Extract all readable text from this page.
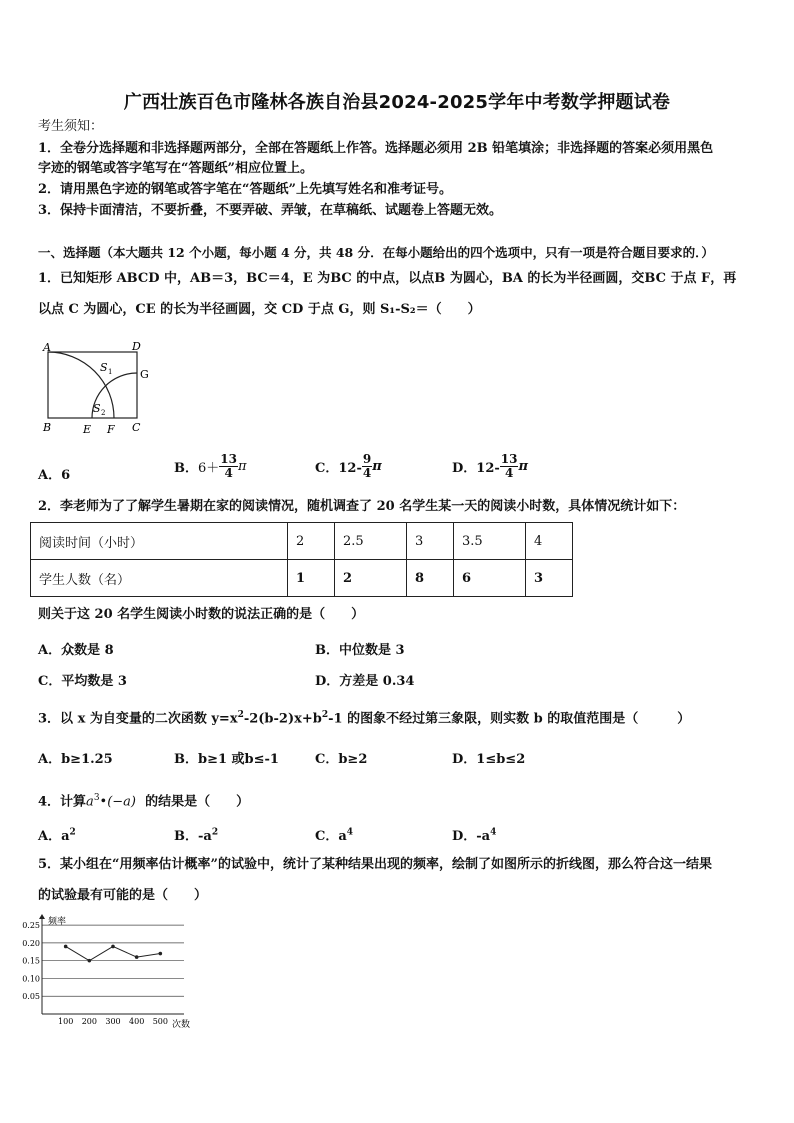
广西壮族百色市隆林各族自治县2024-2025学年中考数学押题试卷
考生须知：
1．全卷分选择题和非选择题两部分，全部在答题纸上作答。选择题必须用 2B 铅笔填涂；非选择题的答案必须用黑色
字迹的钢笔或答字笔写在“答题纸”相应位置上。
2．请用黑色字迹的钢笔或答字笔在“答题纸”上先填写姓名和准考证号。
3．保持卡面清洁，不要折叠，不要弄破、弄皱，在草稿纸、试题卷上答题无效。
一、选择题（本大题共 12 个小题，每小题 4 分，共 48 分．在每小题给出的四个选项中，只有一项是符合题目要求的．）
1．已知矩形 ABCD 中，AB＝3，BC＝4，E 为BC 的中点，以点B 为圆心，BA 的长为半径画圆，交BC 于点 F，再
以点 C 为圆心，CE 的长为半径画圆，交 CD 于点 G，则 S₁-S₂＝（　　）
A	D
G
B	E F C
S 1
S 2
A．6	B．$6+ \frac{13}{4}$ π	C．$12- \frac{9}{4}$ π	D．$12- \frac{13}{4}$ π
2．李老师为了了解学生暑期在家的阅读情况，随机调查了 20 名学生某一天的阅读小时数，具体情况统计如下：
阅读时间（小时）	2	2.5	3	3.5	4
学生人数（名）	1	2	8	6	3
则关于这 20 名学生阅读小时数的说法正确的是（　　）
A．众数是 8	B．中位数是 3
C．平均数是 3	D．方差是 0.34
3．以 x 为自变量的二次函数 $y=x^2-2(b-2)x+b^2-1$ 的图象不经过第三象限，则实数 b 的取值范围是（　　　）
A．b≥1.25	B．b≥1 或b≤-1	C．b≥2	D．1≤b≤2
4．计算$a^3•(-a)$ 的结果是（　　）
A．$a^2$	B．$-a^2$	C．$a^4$	D．$-a^4$
5．某小组在“用频率估计概率”的试验中，统计了某种结果出现的频率，绘制了如图所示的折线图，那么符合这一结果
的试验最有可能的是（　　）
0.25
0.20
0.15
0.10
0.05
频率
次数
100 200 300 400 500
